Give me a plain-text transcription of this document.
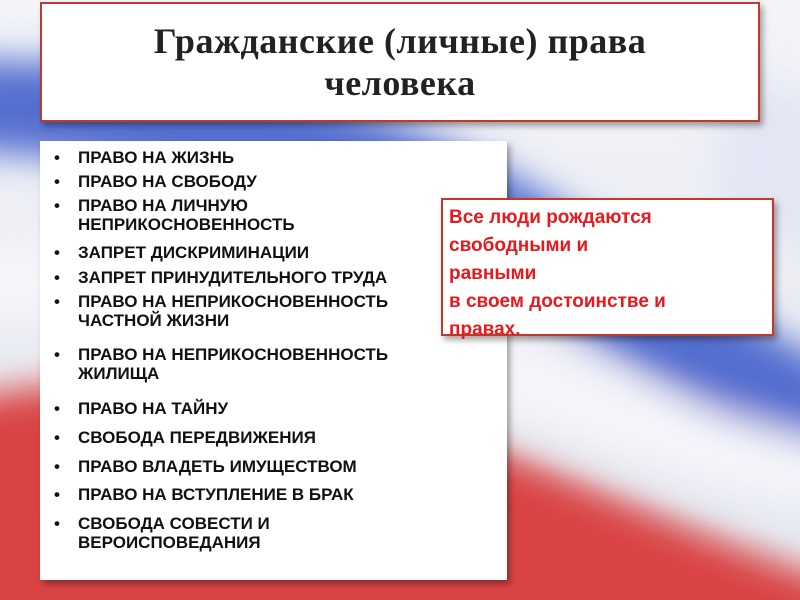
Гражданские (личные) права
человека

• ПРАВО НА ЖИЗНЬ

• ПРАВО НА СВОБОДУ

• ПРАВО НА ЛИЧНУЮ
НЕПРИКОСНОВЕННОСТЬ

• ЗАПРЕТ ДИСКРИМИНАЦИИ

• ЗАПРЕТ ПРИНУДИТЕЛЬНОГО ТРУДА

• ПРАВО НА НЕПРИКОСНОВЕННОСТЬ
ЧАСТНОЙ ЖИЗНИ

• ПРАВО НА НЕПРИКОСНОВЕННОСТЬ
ЖИЛИЩА

• ПРАВО НА ТАЙНУ

• СВОБОДА ПЕРЕДВИЖЕНИЯ

• ПРАВО ВЛАДЕТЬ ИМУЩЕСТВОМ

• ПРАВО НА ВСТУПЛЕНИЕ В БРАК

• СВОБОДА СОВЕСТИ И
ВЕРОИСПОВЕДАНИЯ

Все люди рождаются
свободными и
равными
в своем достоинстве и
правах.
